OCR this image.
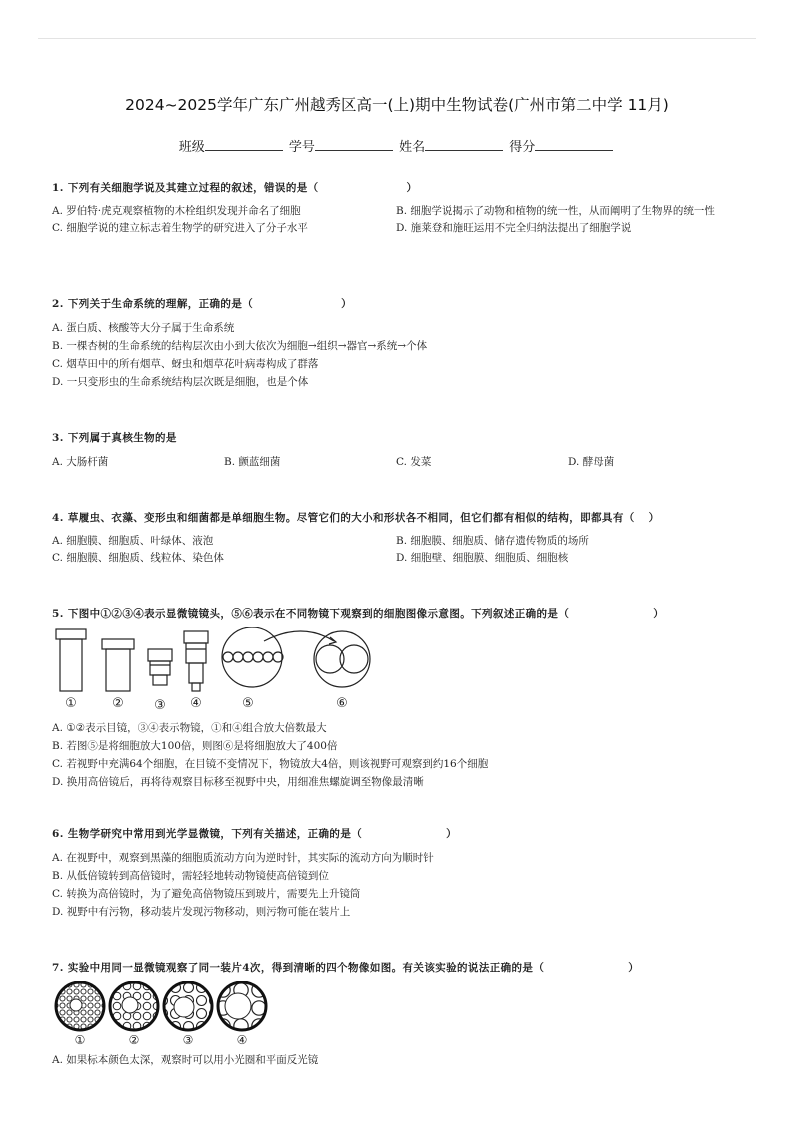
2024~2025学年广东广州越秀区高一(上)期中生物试卷(广州市第二中学 11月)
班级	学号	姓名	得分
1. 下列有关细胞学说及其建立过程的叙述，错误的是（	）
A. 罗伯特·虎克观察植物的木栓组织发现并命名了细胞	B. 细胞学说揭示了动物和植物的统一性，从而阐明了生物界的统一性
C. 细胞学说的建立标志着生物学的研究进入了分子水平	D. 施莱登和施旺运用不完全归纳法提出了细胞学说
2. 下列关于生命系统的理解，正确的是（	）
A. 蛋白质、核酸等大分子属于生命系统
B. 一棵杏树的生命系统的结构层次由小到大依次为细胞→组织→器官→系统→个体
C. 烟草田中的所有烟草、蚜虫和烟草花叶病毒构成了群落
D. 一只变形虫的生命系统结构层次既是细胞，也是个体
3. 下列属于真核生物的是
A. 大肠杆菌	B. 颤蓝细菌	C. 发菜	D. 酵母菌
4. 草履虫、衣藻、变形虫和细菌都是单细胞生物。尽管它们的大小和形状各不相同，但它们都有相似的结构，即都具有（ ）
A. 细胞膜、细胞质、叶绿体、液泡	B. 细胞膜、细胞质、储存遗传物质的场所
C. 细胞膜、细胞质、线粒体、染色体	D. 细胞壁、细胞膜、细胞质、细胞核
5. 下图中①②③④表示显微镜镜头，⑤⑥表示在不同物镜下观察到的细胞图像示意图。下列叙述正确的是（	）
①	② ③ ④	⑤	⑥
A. ①②表示目镜，③④表示物镜，①和④组合放大倍数最大
B. 若图⑤是将细胞放大100倍，则图⑥是将细胞放大了400倍
C. 若视野中充满64个细胞，在目镜不变情况下，物镜放大4倍，则该视野可观察到约16个细胞
D. 换用高倍镜后，再将待观察目标移至视野中央，用细准焦螺旋调至物像最清晰
6. 生物学研究中常用到光学显微镜，下列有关描述，正确的是（	）
A. 在视野中，观察到黑藻的细胞质流动方向为逆时针，其实际的流动方向为顺时针
B. 从低倍镜转到高倍镜时，需轻轻地转动物镜使高倍镜到位
C. 转换为高倍镜时，为了避免高倍物镜压到玻片，需要先上升镜筒
D. 视野中有污物，移动装片发现污物移动，则污物可能在装片上
7. 实验中用同一显微镜观察了同一装片4次，得到清晰的四个物像如图。有关该实验的说法正确的是（	）
①	②	③	④
A. 如果标本颜色太深，观察时可以用小光圈和平面反光镜
